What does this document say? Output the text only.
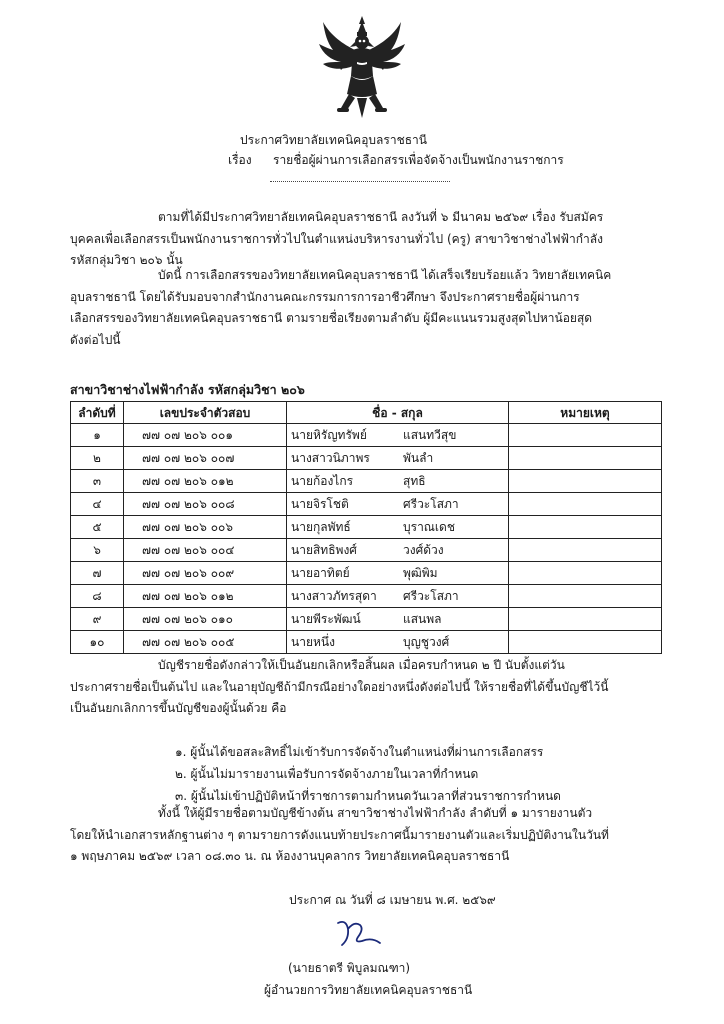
ประกาศวิทยาลัยเทคนิคอุบลราชธานี
เรื่อง รายชื่อผู้ผ่านการเลือกสรรเพื่อจัดจ้างเป็นพนักงานราชการ
ตามที่ได้มีประกาศวิทยาลัยเทคนิคอุบลราชธานี ลงวันที่ ๖ มีนาคม ๒๕๖๙ เรื่อง รับสมัคร
บุคคลเพื่อเลือกสรรเป็นพนักงานราชการทั่วไปในตำแหน่งบริหารงานทั่วไป (ครู) สาขาวิชาช่างไฟฟ้ากำลัง
รหัสกลุ่มวิชา ๒๐๖ นั้น
บัดนี้ การเลือกสรรของวิทยาลัยเทคนิคอุบลราชธานี ได้เสร็จเรียบร้อยแล้ว วิทยาลัยเทคนิค
อุบลราชธานี โดยได้รับมอบจากสำนักงานคณะกรรมการการอาชีวศึกษา จึงประกาศรายชื่อผู้ผ่านการ
เลือกสรรของวิทยาลัยเทคนิคอุบลราชธานี ตามรายชื่อเรียงตามลำดับ ผู้มีคะแนนรวมสูงสุดไปหาน้อยสุด
ดังต่อไปนี้
สาขาวิชาช่างไฟฟ้ากำลัง รหัสกลุ่มวิชา ๒๐๖
ลำดับที่	เลขประจำตัวสอบ	ชื่อ - สกุล	หมายเหตุ
๑	๗๗ ๐๗ ๒๐๖ ๐๐๑	นายหิรัญทรัพย์ แสนทวีสุข	
๒	๗๗ ๐๗ ๒๐๖ ๐๐๗	นางสาวนิภาพร พันลำ	
๓	๗๗ ๐๗ ๒๐๖ ๐๑๒	นายก้องไกร สุทธิ	
๔	๗๗ ๐๗ ๒๐๖ ๐๐๘	นายจิรโชติ ศรีวะโสภา	
๕	๗๗ ๐๗ ๒๐๖ ๐๐๖	นายกุลพัทธ์ บุราณเดช	
๖	๗๗ ๐๗ ๒๐๖ ๐๐๔	นายสิทธิพงศ์ วงศ์ด้วง	
๗	๗๗ ๐๗ ๒๐๖ ๐๐๙	นายอาทิตย์ พุฒิพิม	
๘	๗๗ ๐๗ ๒๐๖ ๐๑๒	นางสาวภัทรสุดา ศรีวะโสภา	
๙	๗๗ ๐๗ ๒๐๖ ๐๑๐	นายพีระพัฒน์ แสนพล	
๑๐	๗๗ ๐๗ ๒๐๖ ๐๐๕	นายหนึ่ง บุญชูวงศ์	
บัญชีรายชื่อดังกล่าวให้เป็นอันยกเลิกหรือสิ้นผล เมื่อครบกำหนด ๒ ปี นับตั้งแต่วัน
ประกาศรายชื่อเป็นต้นไป และในอายุบัญชีถ้ามีกรณีอย่างใดอย่างหนึ่งดังต่อไปนี้ ให้รายชื่อที่ได้ขึ้นบัญชีไว้นี้
เป็นอันยกเลิกการขึ้นบัญชีของผู้นั้นด้วย คือ
๑. ผู้นั้นได้ขอสละสิทธิ์ไม่เข้ารับการจัดจ้างในตำแหน่งที่ผ่านการเลือกสรร
๒. ผู้นั้นไม่มารายงานเพื่อรับการจัดจ้างภายในเวลาที่กำหนด
๓. ผู้นั้นไม่เข้าปฏิบัติหน้าที่ราชการตามกำหนดวันเวลาที่ส่วนราชการกำหนด
ทั้งนี้ ให้ผู้มีรายชื่อตามบัญชีข้างต้น สาขาวิชาช่างไฟฟ้ากำลัง ลำดับที่ ๑ มารายงานตัว
โดยให้นำเอกสารหลักฐานต่าง ๆ ตามรายการดังแนบท้ายประกาศนี้มารายงานตัวและเริ่มปฏิบัติงานในวันที่
๑ พฤษภาคม ๒๕๖๙ เวลา ๐๘.๓๐ น. ณ ห้องงานบุคลากร วิทยาลัยเทคนิคอุบลราชธานี
ประกาศ ณ วันที่ ๘ เมษายน พ.ศ. ๒๕๖๙
(นายธาตรี พิบูลมณฑา)
ผู้อำนวยการวิทยาลัยเทคนิคอุบลราชธานี
